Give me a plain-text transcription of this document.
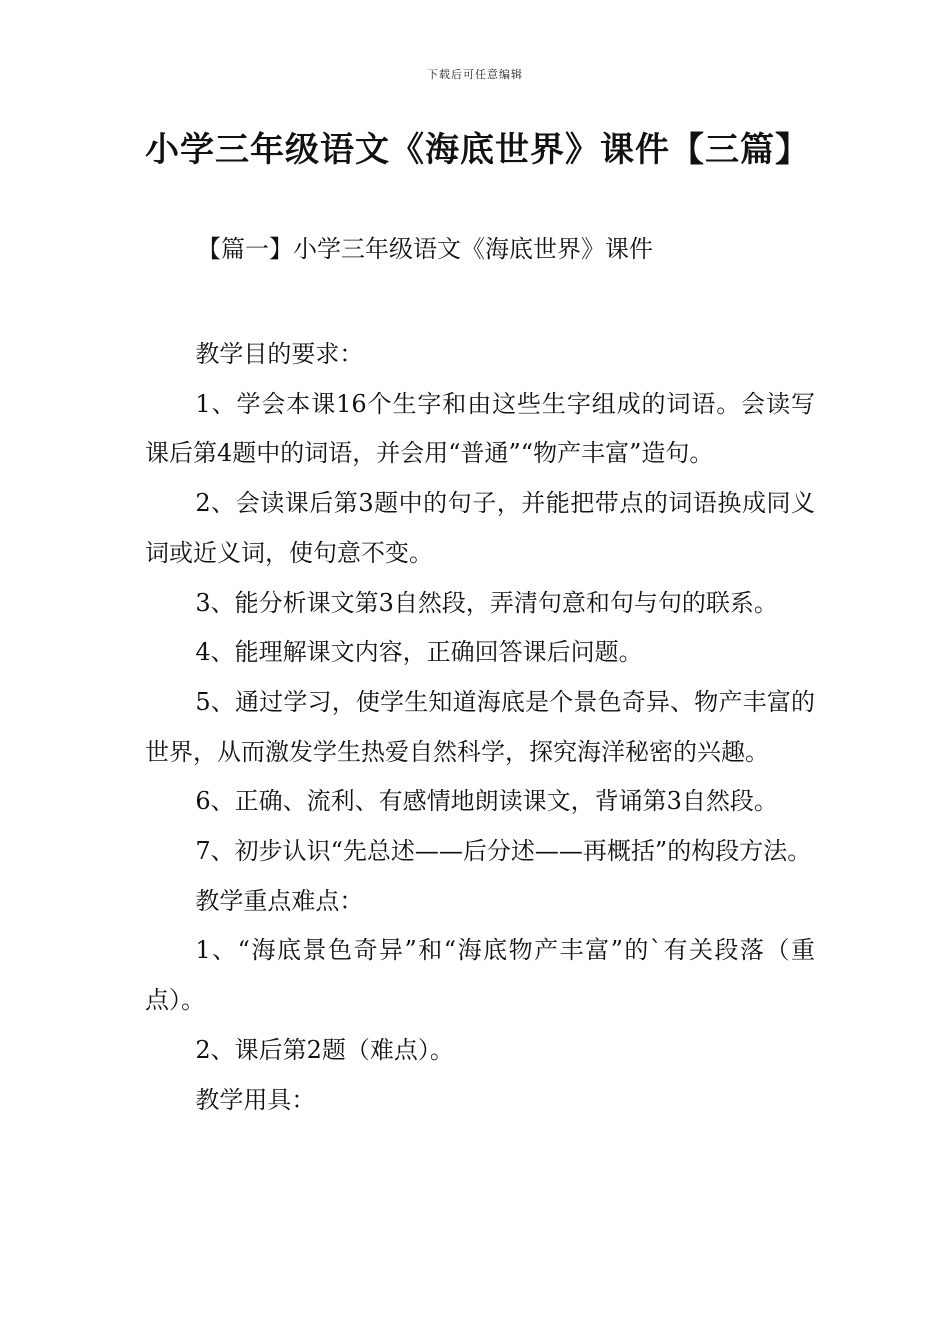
下载后可任意编辑
小学三年级语文《海底世界》课件【三篇】
【篇一】小学三年级语文《海底世界》课件

教学目的要求：

1、学会本课16个生字和由这些生字组成的词语。会读写课后第4题中的词语，并会用“普通”“物产丰富”造句。

2、会读课后第3题中的句子，并能把带点的词语换成同义词或近义词，使句意不变。

3、能分析课文第3自然段，弄清句意和句与句的联系。

4、能理解课文内容，正确回答课后问题。

5、通过学习，使学生知道海底是个景色奇异、物产丰富的世界，从而激发学生热爱自然科学，探究海洋秘密的兴趣。

6、正确、流利、有感情地朗读课文，背诵第3自然段。

7、初步认识“先总述——后分述——再概括”的构段方法。

教学重点难点：

1、“海底景色奇异”和“海底物产丰富”的`有关段落（重点）。

2、课后第2题（难点）。

教学用具：
